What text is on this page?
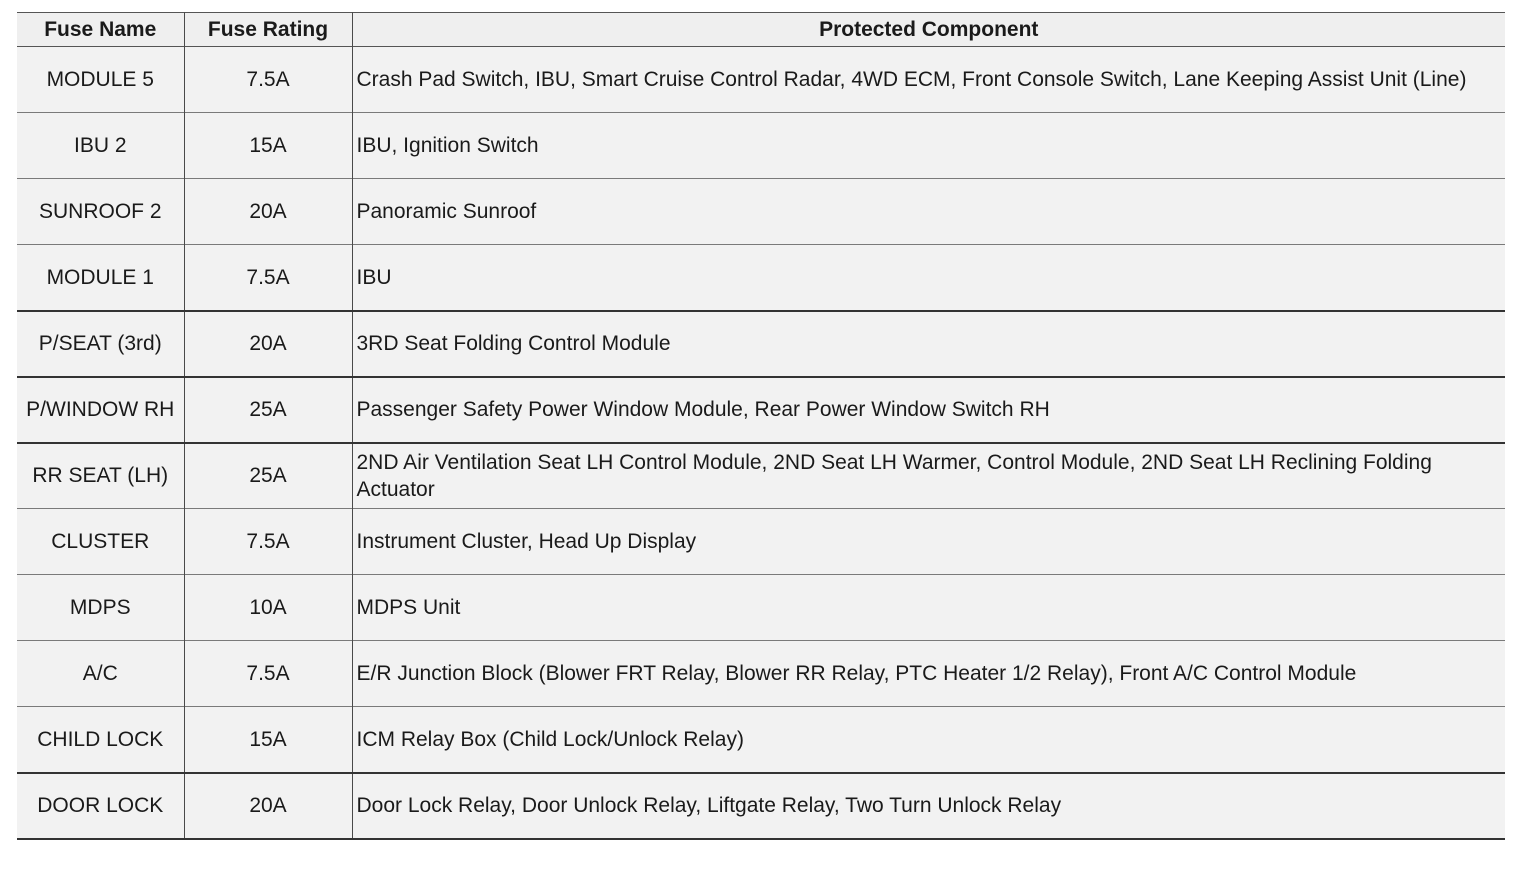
Fuse Name	Fuse Rating	Protected Component
MODULE 5	7.5A	Crash Pad Switch, IBU, Smart Cruise Control Radar, 4WD ECM, Front Console Switch, Lane Keeping Assist Unit (Line)
IBU 2	15A	IBU, Ignition Switch
SUNROOF 2	20A	Panoramic Sunroof
MODULE 1	7.5A	IBU
P/SEAT (3rd)	20A	3RD Seat Folding Control Module
P/WINDOW RH	25A	Passenger Safety Power Window Module, Rear Power Window Switch RH
RR SEAT (LH)	25A	2ND Air Ventilation Seat LH Control Module, 2ND Seat LH Warmer, Control Module, 2ND Seat LH Reclining Folding Actuator
CLUSTER	7.5A	Instrument Cluster, Head Up Display
MDPS	10A	MDPS Unit
A/C	7.5A	E/R Junction Block (Blower FRT Relay, Blower RR Relay, PTC Heater 1/2 Relay), Front A/C Control Module
CHILD LOCK	15A	ICM Relay Box (Child Lock/Unlock Relay)
DOOR LOCK	20A	Door Lock Relay, Door Unlock Relay, Liftgate Relay, Two Turn Unlock Relay
